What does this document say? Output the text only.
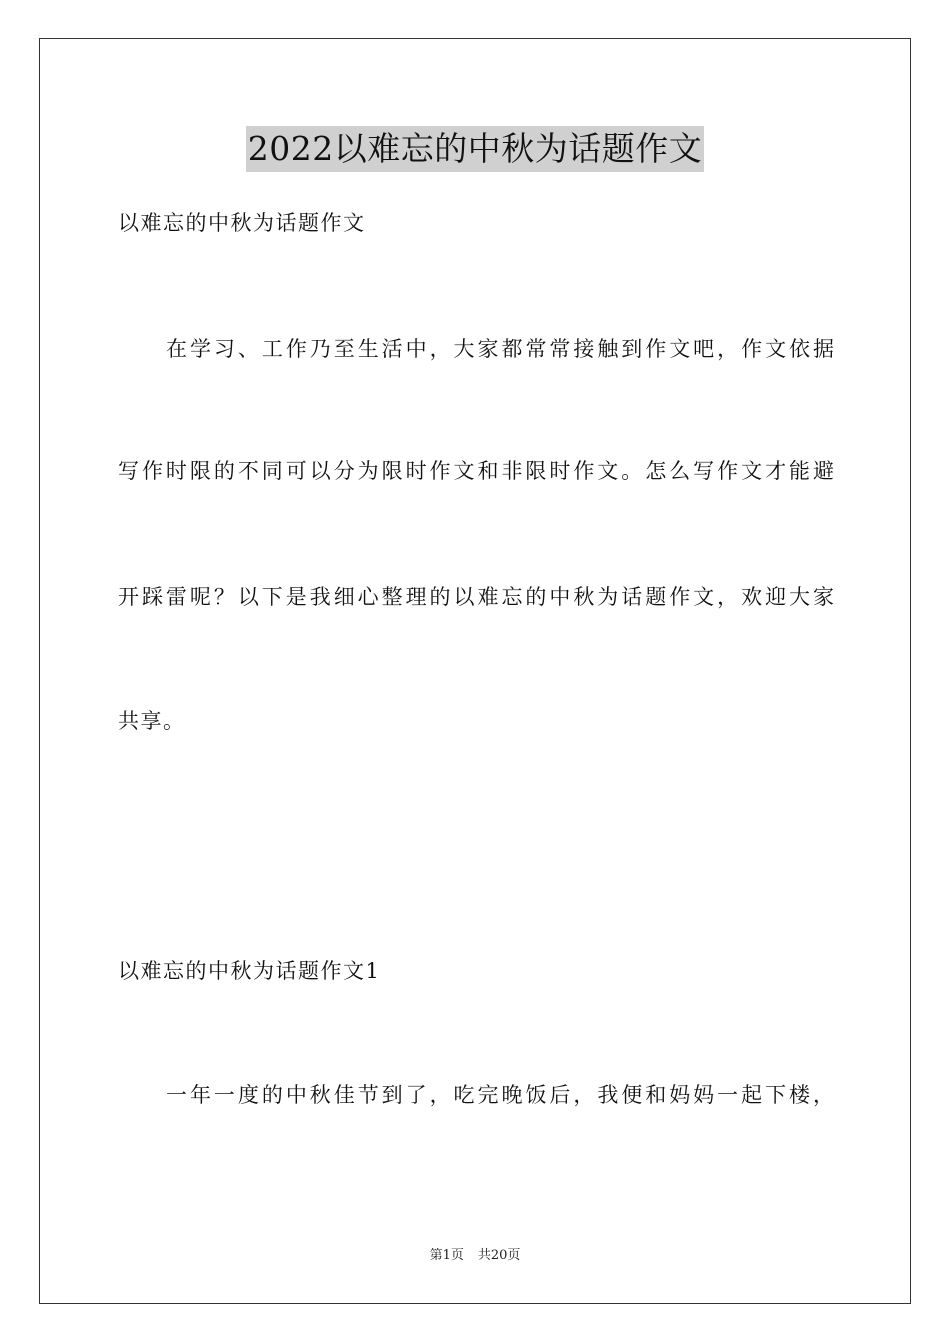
2022以难忘的中秋为话题作文

以难忘的中秋为话题作文

在学习、工作乃至生活中，大家都常常接触到作文吧，作文依据

写作时限的不同可以分为限时作文和非限时作文。怎么写作文才能避

开踩雷呢？以下是我细心整理的以难忘的中秋为话题作文，欢迎大家

共享。

以难忘的中秋为话题作文1

一年一度的中秋佳节到了，吃完晚饭后，我便和妈妈一起下楼，

第1页 共20页
